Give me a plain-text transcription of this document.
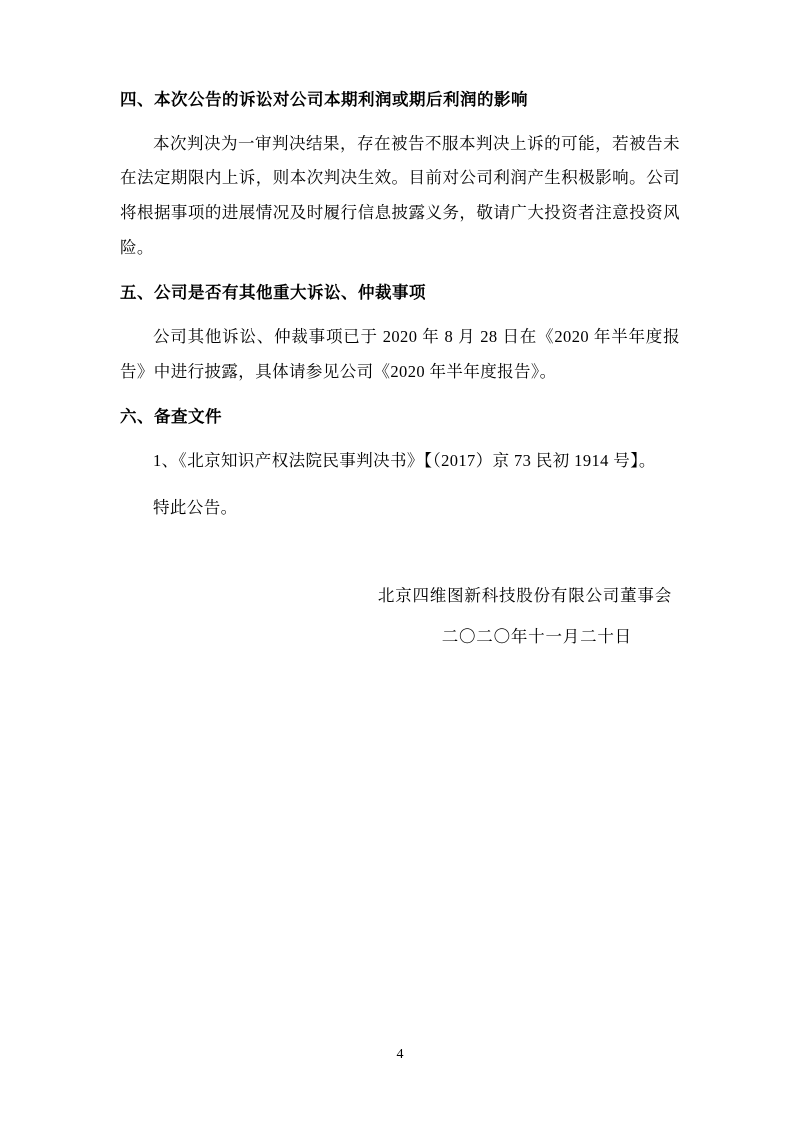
四、本次公告的诉讼对公司本期利润或期后利润的影响

本次判决为一审判决结果，存在被告不服本判决上诉的可能，若被告未在法定期限内上诉，则本次判决生效。目前对公司利润产生积极影响。公司将根据事项的进展情况及时履行信息披露义务，敬请广大投资者注意投资风险。

五、公司是否有其他重大诉讼、仲裁事项

公司其他诉讼、仲裁事项已于 2020 年 8 月 28 日在《2020 年半年度报告》中进行披露，具体请参见公司《2020 年半年度报告》。

六、备查文件

1、《北京知识产权法院民事判决书》【（2017）京 73 民初 1914 号】。

特此公告。

北京四维图新科技股份有限公司董事会
二〇二〇年十一月二十日
4
